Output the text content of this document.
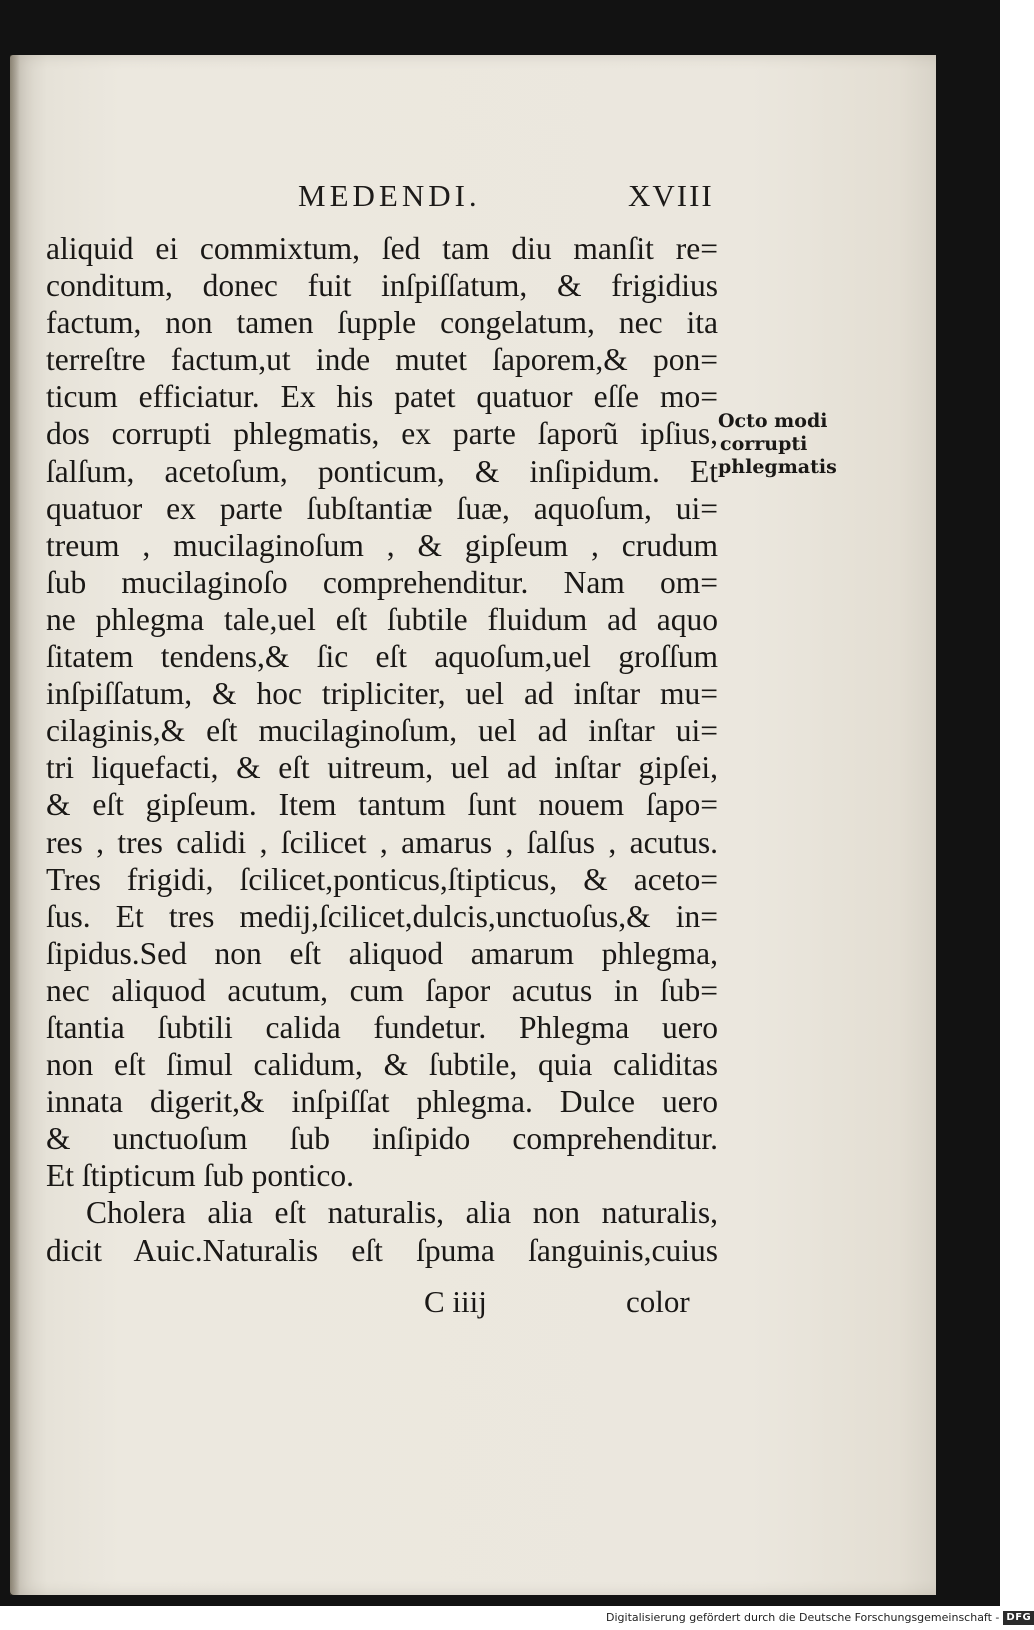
MEDENDI.	XVIII
aliquid ei commixtum, ſed tam diu manſit re=
conditum, donec fuit inſpiſſatum, & frigidius
factum, non tamen ſupple congelatum, nec ita
terreſtre factum,ut inde mutet ſaporem,& pon=
ticum efficiatur. Ex his patet quatuor eſſe mo=
dos corrupti phlegmatis, ex parte ſaporũ ipſius,
ſalſum, acetoſum, ponticum, & inſipidum. Et
quatuor ex parte ſubſtantiæ ſuæ, aquoſum, ui=
treum , mucilaginoſum , & gipſeum , crudum
ſub mucilaginoſo comprehenditur. Nam om=
ne phlegma tale,uel eſt ſubtile fluidum ad aquo
ſitatem tendens,& ſic eſt aquoſum,uel groſſum
inſpiſſatum, & hoc tripliciter, uel ad inſtar mu=
cilaginis,& eſt mucilaginoſum, uel ad inſtar ui=
tri liquefacti, & eſt uitreum, uel ad inſtar gipſei,
& eſt gipſeum. Item tantum ſunt nouem ſapo=
res , tres calidi , ſcilicet , amarus , ſalſus , acutus.
Tres frigidi, ſcilicet,ponticus,ſtipticus, & aceto=
ſus. Et tres medij,ſcilicet,dulcis,unctuoſus,& in=
ſipidus.Sed non eſt aliquod amarum phlegma,
nec aliquod acutum, cum ſapor acutus in ſub=
ſtantia ſubtili calida fundetur. Phlegma uero
non eſt ſimul calidum, & ſubtile, quia caliditas
innata digerit,& inſpiſſat phlegma. Dulce uero
& unctuoſum ſub inſipido comprehenditur.
Et ſtipticum ſub pontico.
Cholera alia eſt naturalis, alia non naturalis,
dicit Auic.Naturalis eſt ſpuma ſanguinis,cuius
Octo modi
corrupti
phlegmatis
C iiij	color
Digitalisierung gefördert durch die Deutsche Forschungsgemeinschaft - DFG
